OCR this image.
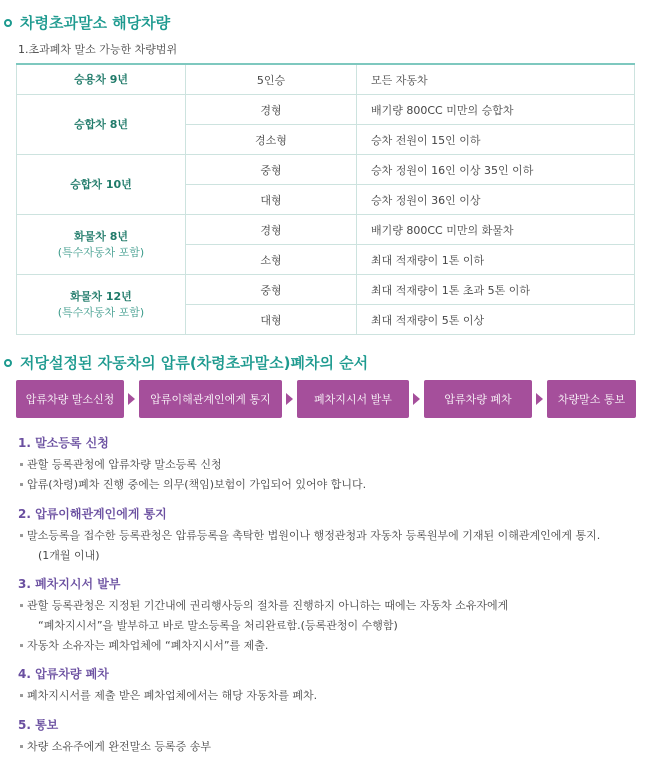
차령초과말소 해당차량
1.초과폐차 말소 가능한 차량범위
승용차 9년	5인승	모든 자동차
승합차 8년	경형	배기량 800CC 미만의 승합차
	경소형	승차 전원이 15인 이하
승합차 10년	중형	승차 정원이 16인 이상 35인 이하
	대형	승차 정원이 36인 이상
화물차 8년
(특수자동차 포함)	경형	배기량 800CC 미만의 화물차
	소형	최대 적재량이 1톤 이하
화물차 12년
(특수자동차 포함)	중형	최대 적재량이 1톤 초과 5톤 이하
	대형	최대 적재량이 5톤 이상
저당설정된 자동차의 압류(차령초과말소)폐차의 순서
압류차량 말소신청	압류이해관계인에게 통지	폐차지시서 발부	압류차량 폐차	차량말소 통보
1. 말소등록 신청
관할 등록관청에 압류차량 말소등록 신청
압류(차령)폐차 진행 중에는 의무(책임)보험이 가입되어 있어야 합니다.
2. 압류이해관계인에게 통지
말소등록을 접수한 등록관청은 압류등록을 촉탁한 법원이나 행정관청과 자동차 등록원부에 기재된 이해관계인에게 통지.
(1개월 이내)
3. 폐차지시서 발부
관할 등록관청은 지정된 기간내에 권리행사등의 절차를 진행하지 아니하는 때에는 자동차 소유자에게
“폐차지시서”을 발부하고 바로 말소등록을 처리완료함.(등록관청이 수행함)
자동차 소유자는 폐차업체에 “폐차지시서”를 제출.
4. 압류차량 폐차
폐차지시서를 제출 받은 폐차업체에서는 해당 자동차를 폐차.
5. 통보
차량 소유주에게 완전말소 등록증 송부
